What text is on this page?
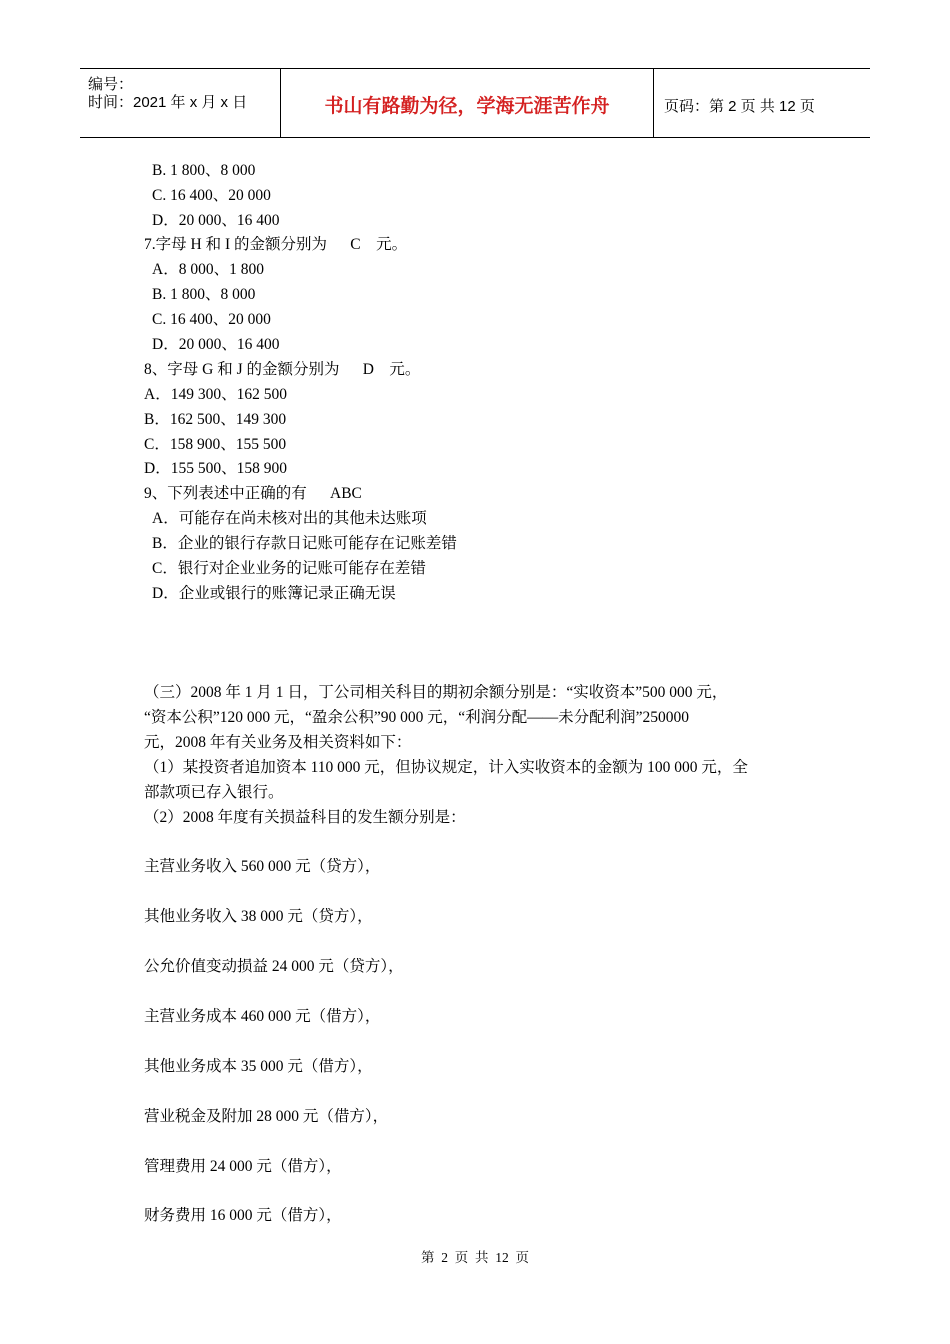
编号：
时间：2021 年 x 月 x 日	书山有路勤为径，学海无涯苦作舟	页码：第 2 页 共 12 页
B. 1 800、8 000
C. 16 400、20 000
D．20 000、16 400
7.字母 H 和 I 的金额分别为      C    元。
A．8 000、1 800
B. 1 800、8 000
C. 16 400、20 000
D．20 000、16 400
8、字母 G 和 J 的金额分别为      D    元。
A．149 300、162 500
B．162 500、149 300
C．158 900、155 500
D．155 500、158 900
9、下列表述中正确的有      ABC
A．可能存在尚未核对出的其他未达账项
B．企业的银行存款日记账可能存在记账差错
C．银行对企业业务的记账可能存在差错
D．企业或银行的账簿记录正确无误
（三）2008 年 1 月 1 日，丁公司相关科目的期初余额分别是：“实收资本”500 000 元，
“资本公积”120 000 元，“盈余公积”90 000 元，“利润分配——未分配利润”250000
元，2008 年有关业务及相关资料如下：
（1）某投资者追加资本 110 000 元，但协议规定，计入实收资本的金额为 100 000 元，全
部款项已存入银行。
（2）2008 年度有关损益科目的发生额分别是：
主营业务收入 560 000 元（贷方），
其他业务收入 38 000 元（贷方），
公允价值变动损益 24 000 元（贷方），
主营业务成本 460 000 元（借方），
其他业务成本 35 000 元（借方），
营业税金及附加 28 000 元（借方），
管理费用 24 000 元（借方），
财务费用 16 000 元（借方），
第  2  页  共  12  页
